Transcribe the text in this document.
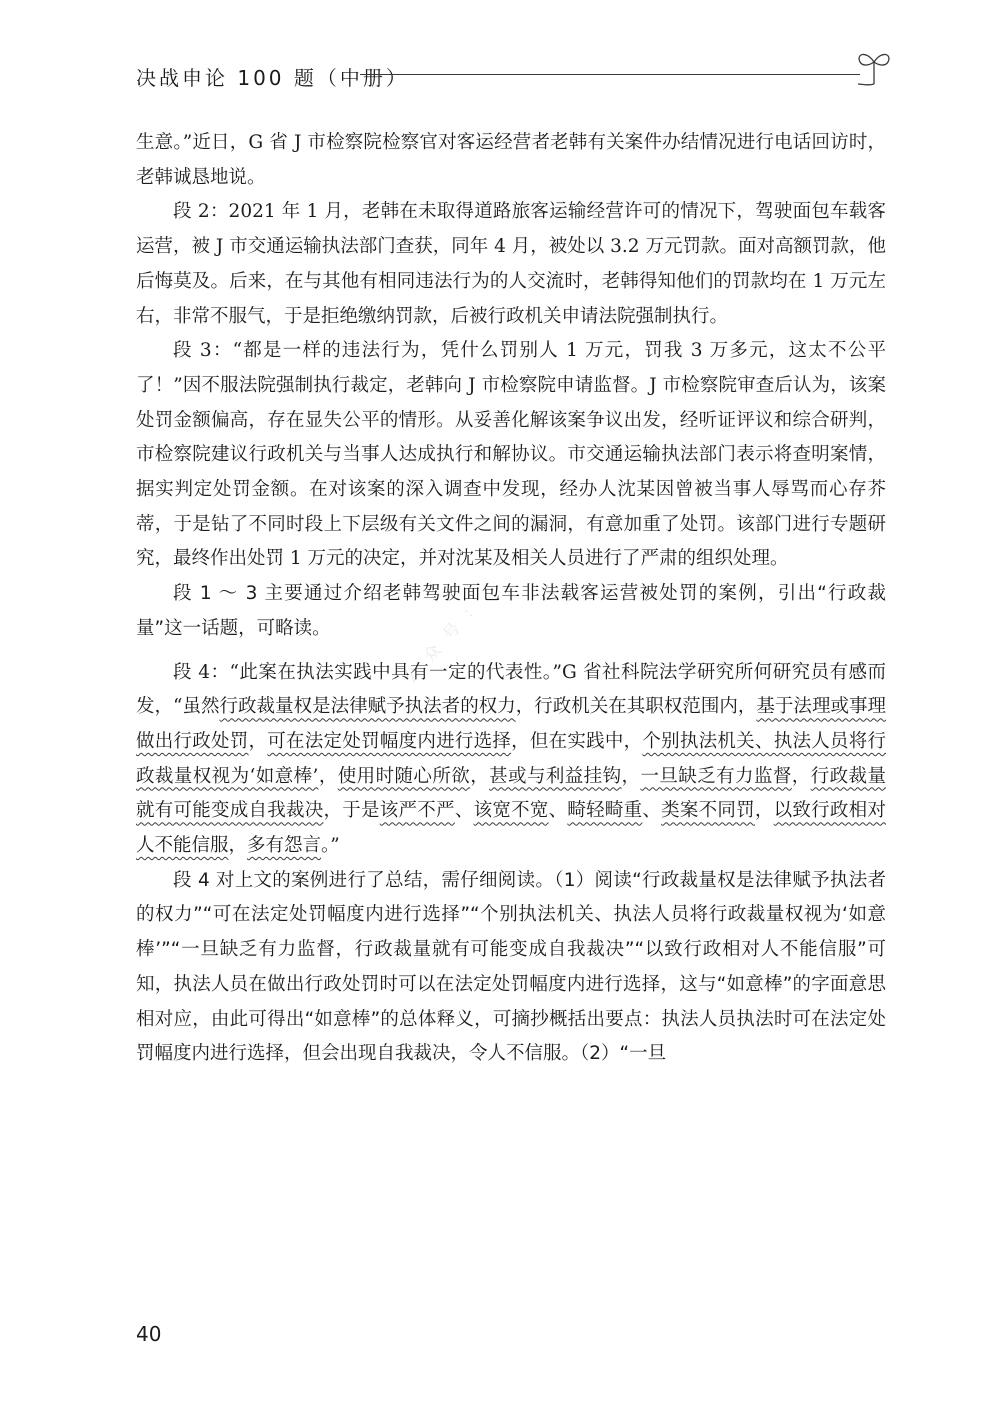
决战申论 100 题（中册）

生意。”近日，G 省 J 市检察院检察官对客运经营者老韩有关案件办结情况进行电话回访时，老韩诚恳地说。

段 2：2021 年 1 月，老韩在未取得道路旅客运输经营许可的情况下，驾驶面包车载客运营，被 J 市交通运输执法部门查获，同年 4 月，被处以 3.2 万元罚款。面对高额罚款，他后悔莫及。后来，在与其他有相同违法行为的人交流时，老韩得知他们的罚款均在 1 万元左右，非常不服气，于是拒绝缴纳罚款，后被行政机关申请法院强制执行。

段 3：“都是一样的违法行为，凭什么罚别人 1 万元，罚我 3 万多元，这太不公平了！”因不服法院强制执行裁定，老韩向 J 市检察院申请监督。J 市检察院审查后认为，该案处罚金额偏高，存在显失公平的情形。从妥善化解该案争议出发，经听证评议和综合研判，市检察院建议行政机关与当事人达成执行和解协议。市交通运输执法部门表示将查明案情，据实判定处罚金额。在对该案的深入调查中发现，经办人沈某因曾被当事人辱骂而心存芥蒂，于是钻了不同时段上下层级有关文件之间的漏洞，有意加重了处罚。该部门进行专题研究，最终作出处罚 1 万元的决定，并对沈某及相关人员进行了严肃的组织处理。

段 1 ～ 3 主要通过介绍老韩驾驶面包车非法载客运营被处罚的案例，引出“行政裁量”这一话题，可略读。

段 4：“此案在执法实践中具有一定的代表性。”G 省社科院法学研究所何研究员有感而发，“虽然行政裁量权是法律赋予执法者的权力，行政机关在其职权范围内，基于法理或事理做出行政处罚，可在法定处罚幅度内进行选择，但在实践中，个别执法机关、执法人员将行政裁量权视为‘如意棒’，使用时随心所欲，甚或与利益挂钩，一旦缺乏有力监督，行政裁量就有可能变成自我裁决，于是该严不严、该宽不宽、畸轻畸重、类案不同罚，以致行政相对人不能信服，多有怨言。”

段 4 对上文的案例进行了总结，需仔细阅读。（1）阅读“行政裁量权是法律赋予执法者的权力”“可在法定处罚幅度内进行选择”“个别执法机关、执法人员将行政裁量权视为‘如意棒’”“一旦缺乏有力监督，行政裁量就有可能变成自我裁决”“以致行政相对人不能信服”可知，执法人员在做出行政处罚时可以在法定处罚幅度内进行选择，这与“如意棒”的字面意思相对应，由此可得出“如意棒”的总体释义，可摘抄概括出要点：执法人员执法时可在法定处罚幅度内进行选择，但会出现自我裁决，令人不信服。（2）“一旦

公 众 号 ：
40
